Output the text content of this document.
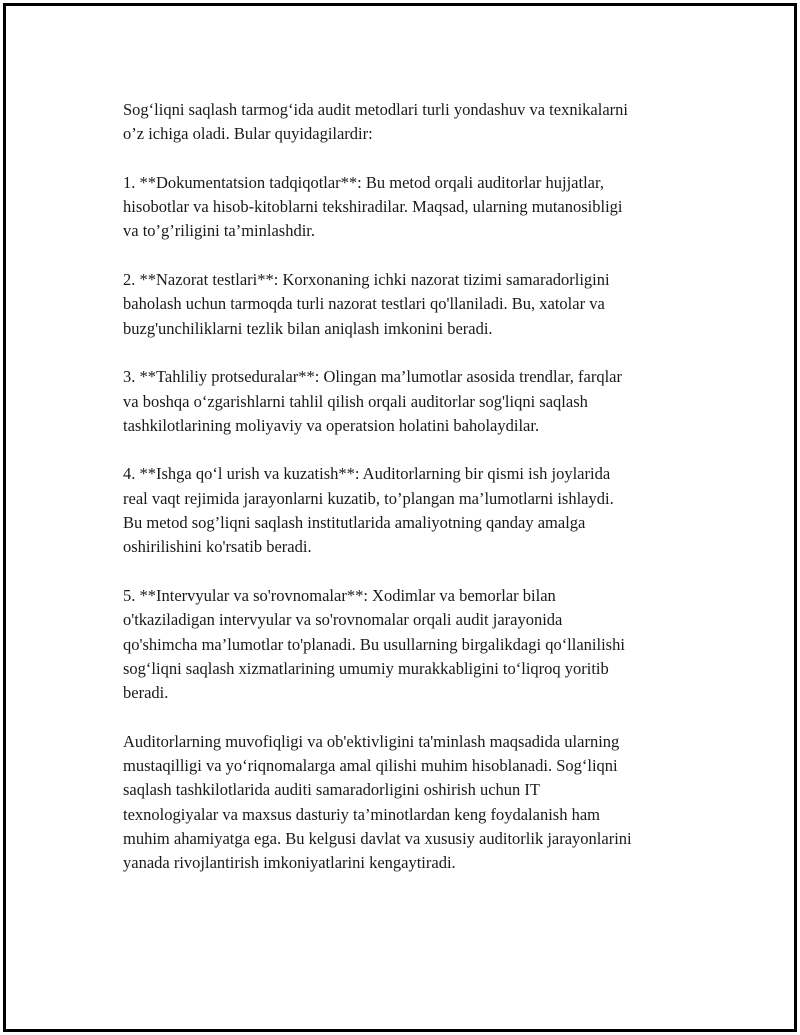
Sog‘liqni saqlash tarmog‘ida audit metodlari turli yondashuv va texnikalarni
o’z ichiga oladi. Bular quyidagilardir:

1. **Dokumentatsion tadqiqotlar**: Bu metod orqali auditorlar hujjatlar,
hisobotlar va hisob-kitoblarni tekshiradilar. Maqsad, ularning mutanosibligi
va to’g’riligini ta’minlashdir.

2. **Nazorat testlari**: Korxonaning ichki nazorat tizimi samaradorligini
baholash uchun tarmoqda turli nazorat testlari qo'llaniladi. Bu, xatolar va
buzg'unchiliklarni tezlik bilan aniqlash imkonini beradi.

3. **Tahliliy protseduralar**: Olingan ma’lumotlar asosida trendlar, farqlar
va boshqa o‘zgarishlarni tahlil qilish orqali auditorlar sog'liqni saqlash
tashkilotlarining moliyaviy va operatsion holatini baholaydilar.

4. **Ishga qo‘l urish va kuzatish**: Auditorlarning bir qismi ish joylarida
real vaqt rejimida jarayonlarni kuzatib, to’plangan ma’lumotlarni ishlaydi.
Bu metod sog’liqni saqlash institutlarida amaliyotning qanday amalga
oshirilishini ko'rsatib beradi.

5. **Intervyular va so'rovnomalar**: Xodimlar va bemorlar bilan
o'tkaziladigan intervyular va so'rovnomalar orqali audit jarayonida
qo'shimcha ma’lumotlar to'planadi. Bu usullarning birgalikdagi qo‘llanilishi
sog‘liqni saqlash xizmatlarining umumiy murakkabligini to‘liqroq yoritib
beradi.

Auditorlarning muvofiqligi va ob'ektivligini ta'minlash maqsadida ularning
mustaqilligi va yo‘riqnomalarga amal qilishi muhim hisoblanadi. Sog‘liqni
saqlash tashkilotlarida auditi samaradorligini oshirish uchun IT
texnologiyalar va maxsus dasturiy ta’minotlardan keng foydalanish ham
muhim ahamiyatga ega. Bu kelgusi davlat va xususiy auditorlik jarayonlarini
yanada rivojlantirish imkoniyatlarini kengaytiradi.
